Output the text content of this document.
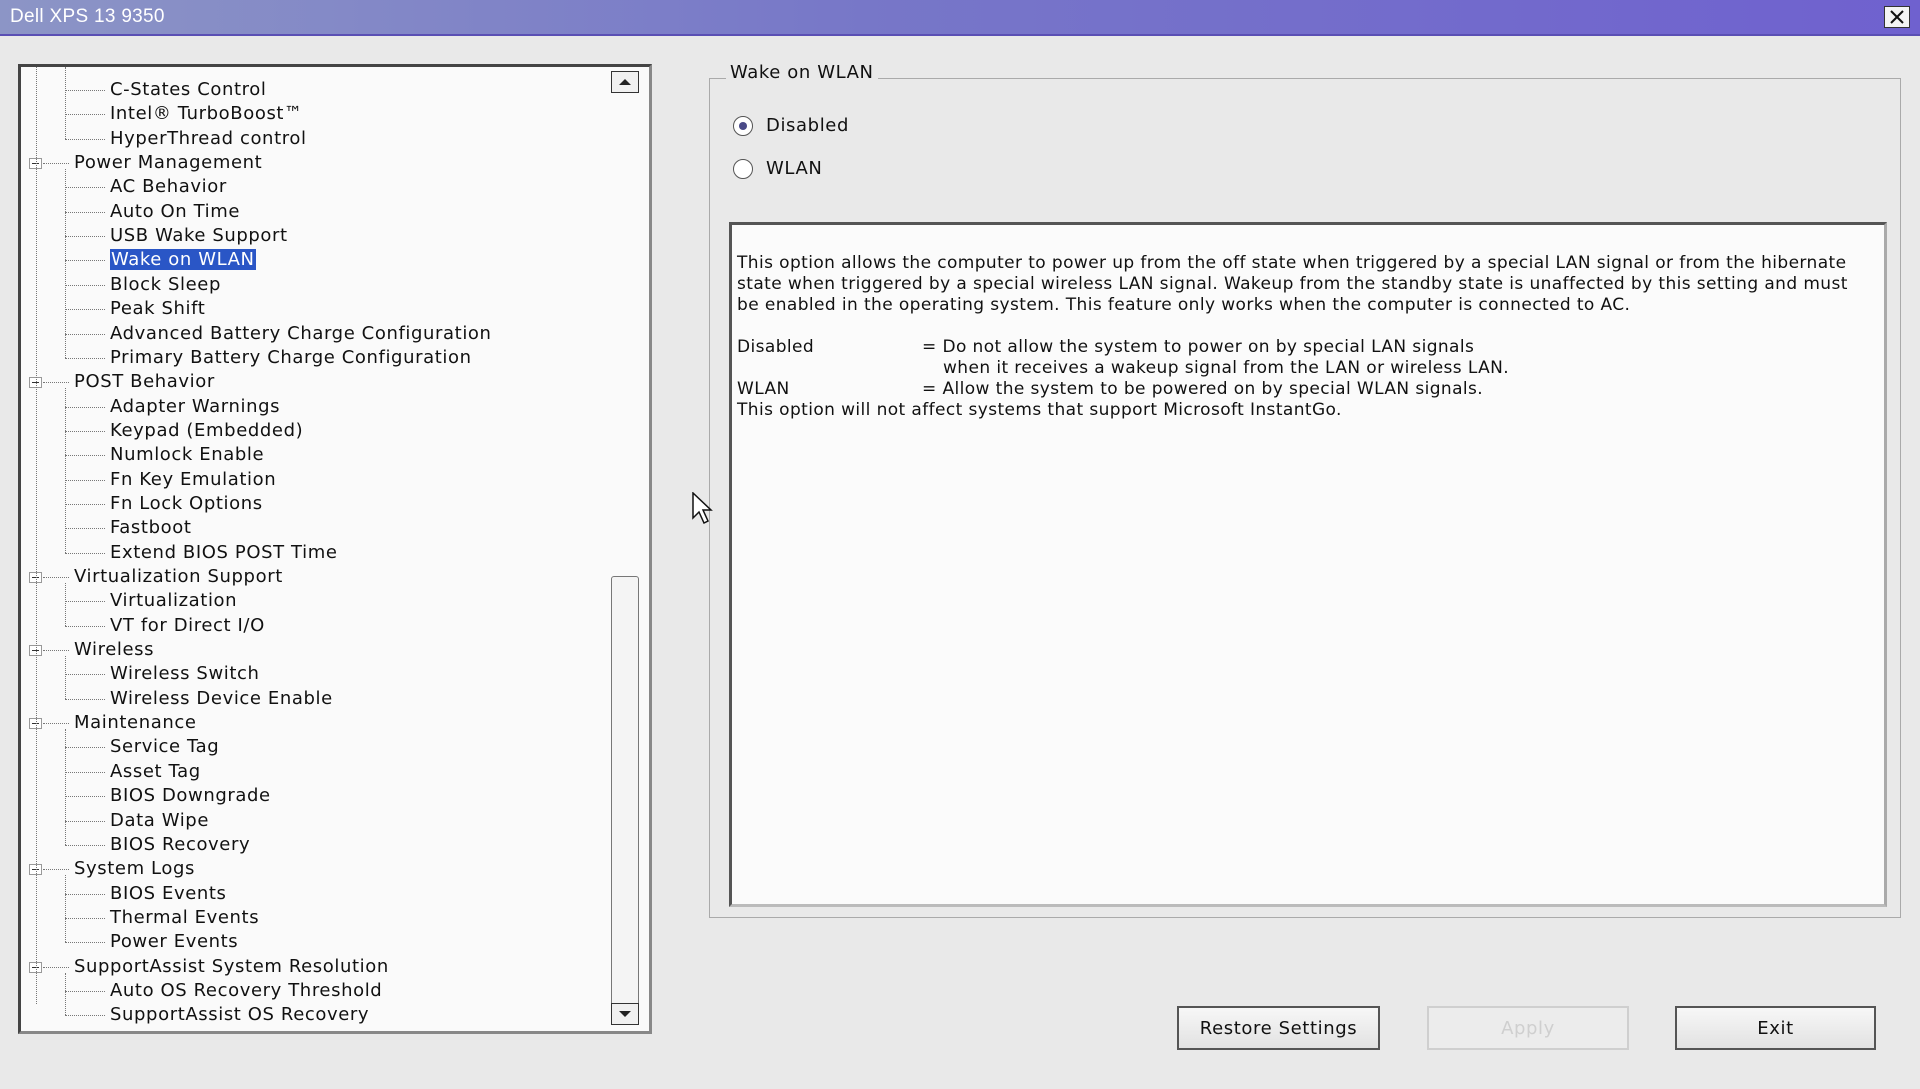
Dell XPS 13 9350
C-States Control
Intel® TurboBoost™
HyperThread control
Power Management
AC Behavior
Auto On Time
USB Wake Support
Wake on WLAN
Block Sleep
Peak Shift
Advanced Battery Charge Configuration
Primary Battery Charge Configuration
POST Behavior
Adapter Warnings
Keypad (Embedded)
Numlock Enable
Fn Key Emulation
Fn Lock Options
Fastboot
Extend BIOS POST Time
Virtualization Support
Virtualization
VT for Direct I/O
Wireless
Wireless Switch
Wireless Device Enable
Maintenance
Service Tag
Asset Tag
BIOS Downgrade
Data Wipe
BIOS Recovery
System Logs
BIOS Events
Thermal Events
Power Events
SupportAssist System Resolution
Auto OS Recovery Threshold
SupportAssist OS Recovery
Wake on WLAN
Disabled
WLAN

This option allows the computer to power up from the off state when triggered by a special LAN signal or from the hibernate state when triggered by a special wireless LAN signal. Wakeup from the standby state is unaffected by this setting and must be enabled in the operating system. This feature only works when the computer is connected to AC.

Disabled	= Do not allow the system to power on by special LAN signals
when it receives a wakeup signal from the LAN or wireless LAN.
WLAN	= Allow the system to be powered on by special WLAN signals.

This option will not affect systems that support Microsoft InstantGo.

Restore Settings	Apply	Exit
